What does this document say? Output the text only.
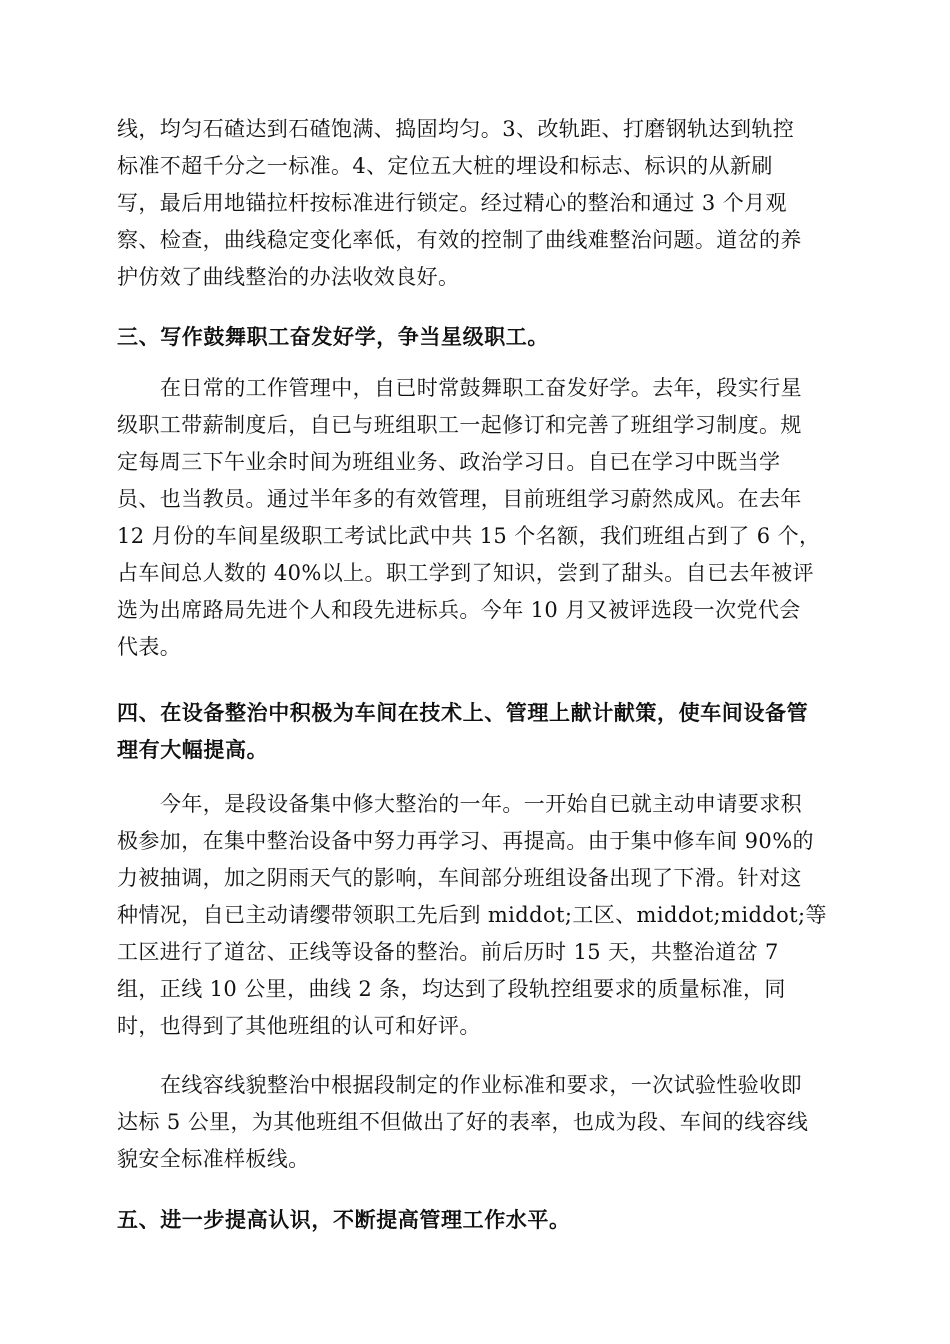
线，均匀石碴达到石碴饱满、捣固均匀。3、改轨距、打磨钢轨达到轨控
标准不超千分之一标准。4、定位五大桩的埋设和标志、标识的从新刷
写，最后用地锚拉杆按标准进行锁定。经过精心的整治和通过 3 个月观
察、检查，曲线稳定变化率低，有效的控制了曲线难整治问题。道岔的养
护仿效了曲线整治的办法收效良好。
三、写作鼓舞职工奋发好学，争当星级职工。
在日常的工作管理中，自已时常鼓舞职工奋发好学。去年，段实行星
级职工带薪制度后，自已与班组职工一起修订和完善了班组学习制度。规
定每周三下午业余时间为班组业务、政治学习日。自已在学习中既当学
员、也当教员。通过半年多的有效管理，目前班组学习蔚然成风。在去年
12 月份的车间星级职工考试比武中共 15 个名额，我们班组占到了 6 个，
占车间总人数的 40%以上。职工学到了知识，尝到了甜头。自已去年被评
选为出席路局先进个人和段先进标兵。今年 10 月又被评选段一次党代会
代表。
四、在设备整治中积极为车间在技术上、管理上献计献策，使车间设备管
理有大幅提高。
今年，是段设备集中修大整治的一年。一开始自已就主动申请要求积
极参加，在集中整治设备中努力再学习、再提高。由于集中修车间 90%的
力被抽调，加之阴雨天气的影响，车间部分班组设备出现了下滑。针对这
种情况，自已主动请缨带领职工先后到 middot;工区、middot;middot;等
工区进行了道岔、正线等设备的整治。前后历时 15 天，共整治道岔 7
组，正线 10 公里，曲线 2 条，均达到了段轨控组要求的质量标准，同
时，也得到了其他班组的认可和好评。
在线容线貌整治中根据段制定的作业标准和要求，一次试验性验收即
达标 5 公里，为其他班组不但做出了好的表率，也成为段、车间的线容线
貌安全标准样板线。
五、进一步提高认识，不断提高管理工作水平。
